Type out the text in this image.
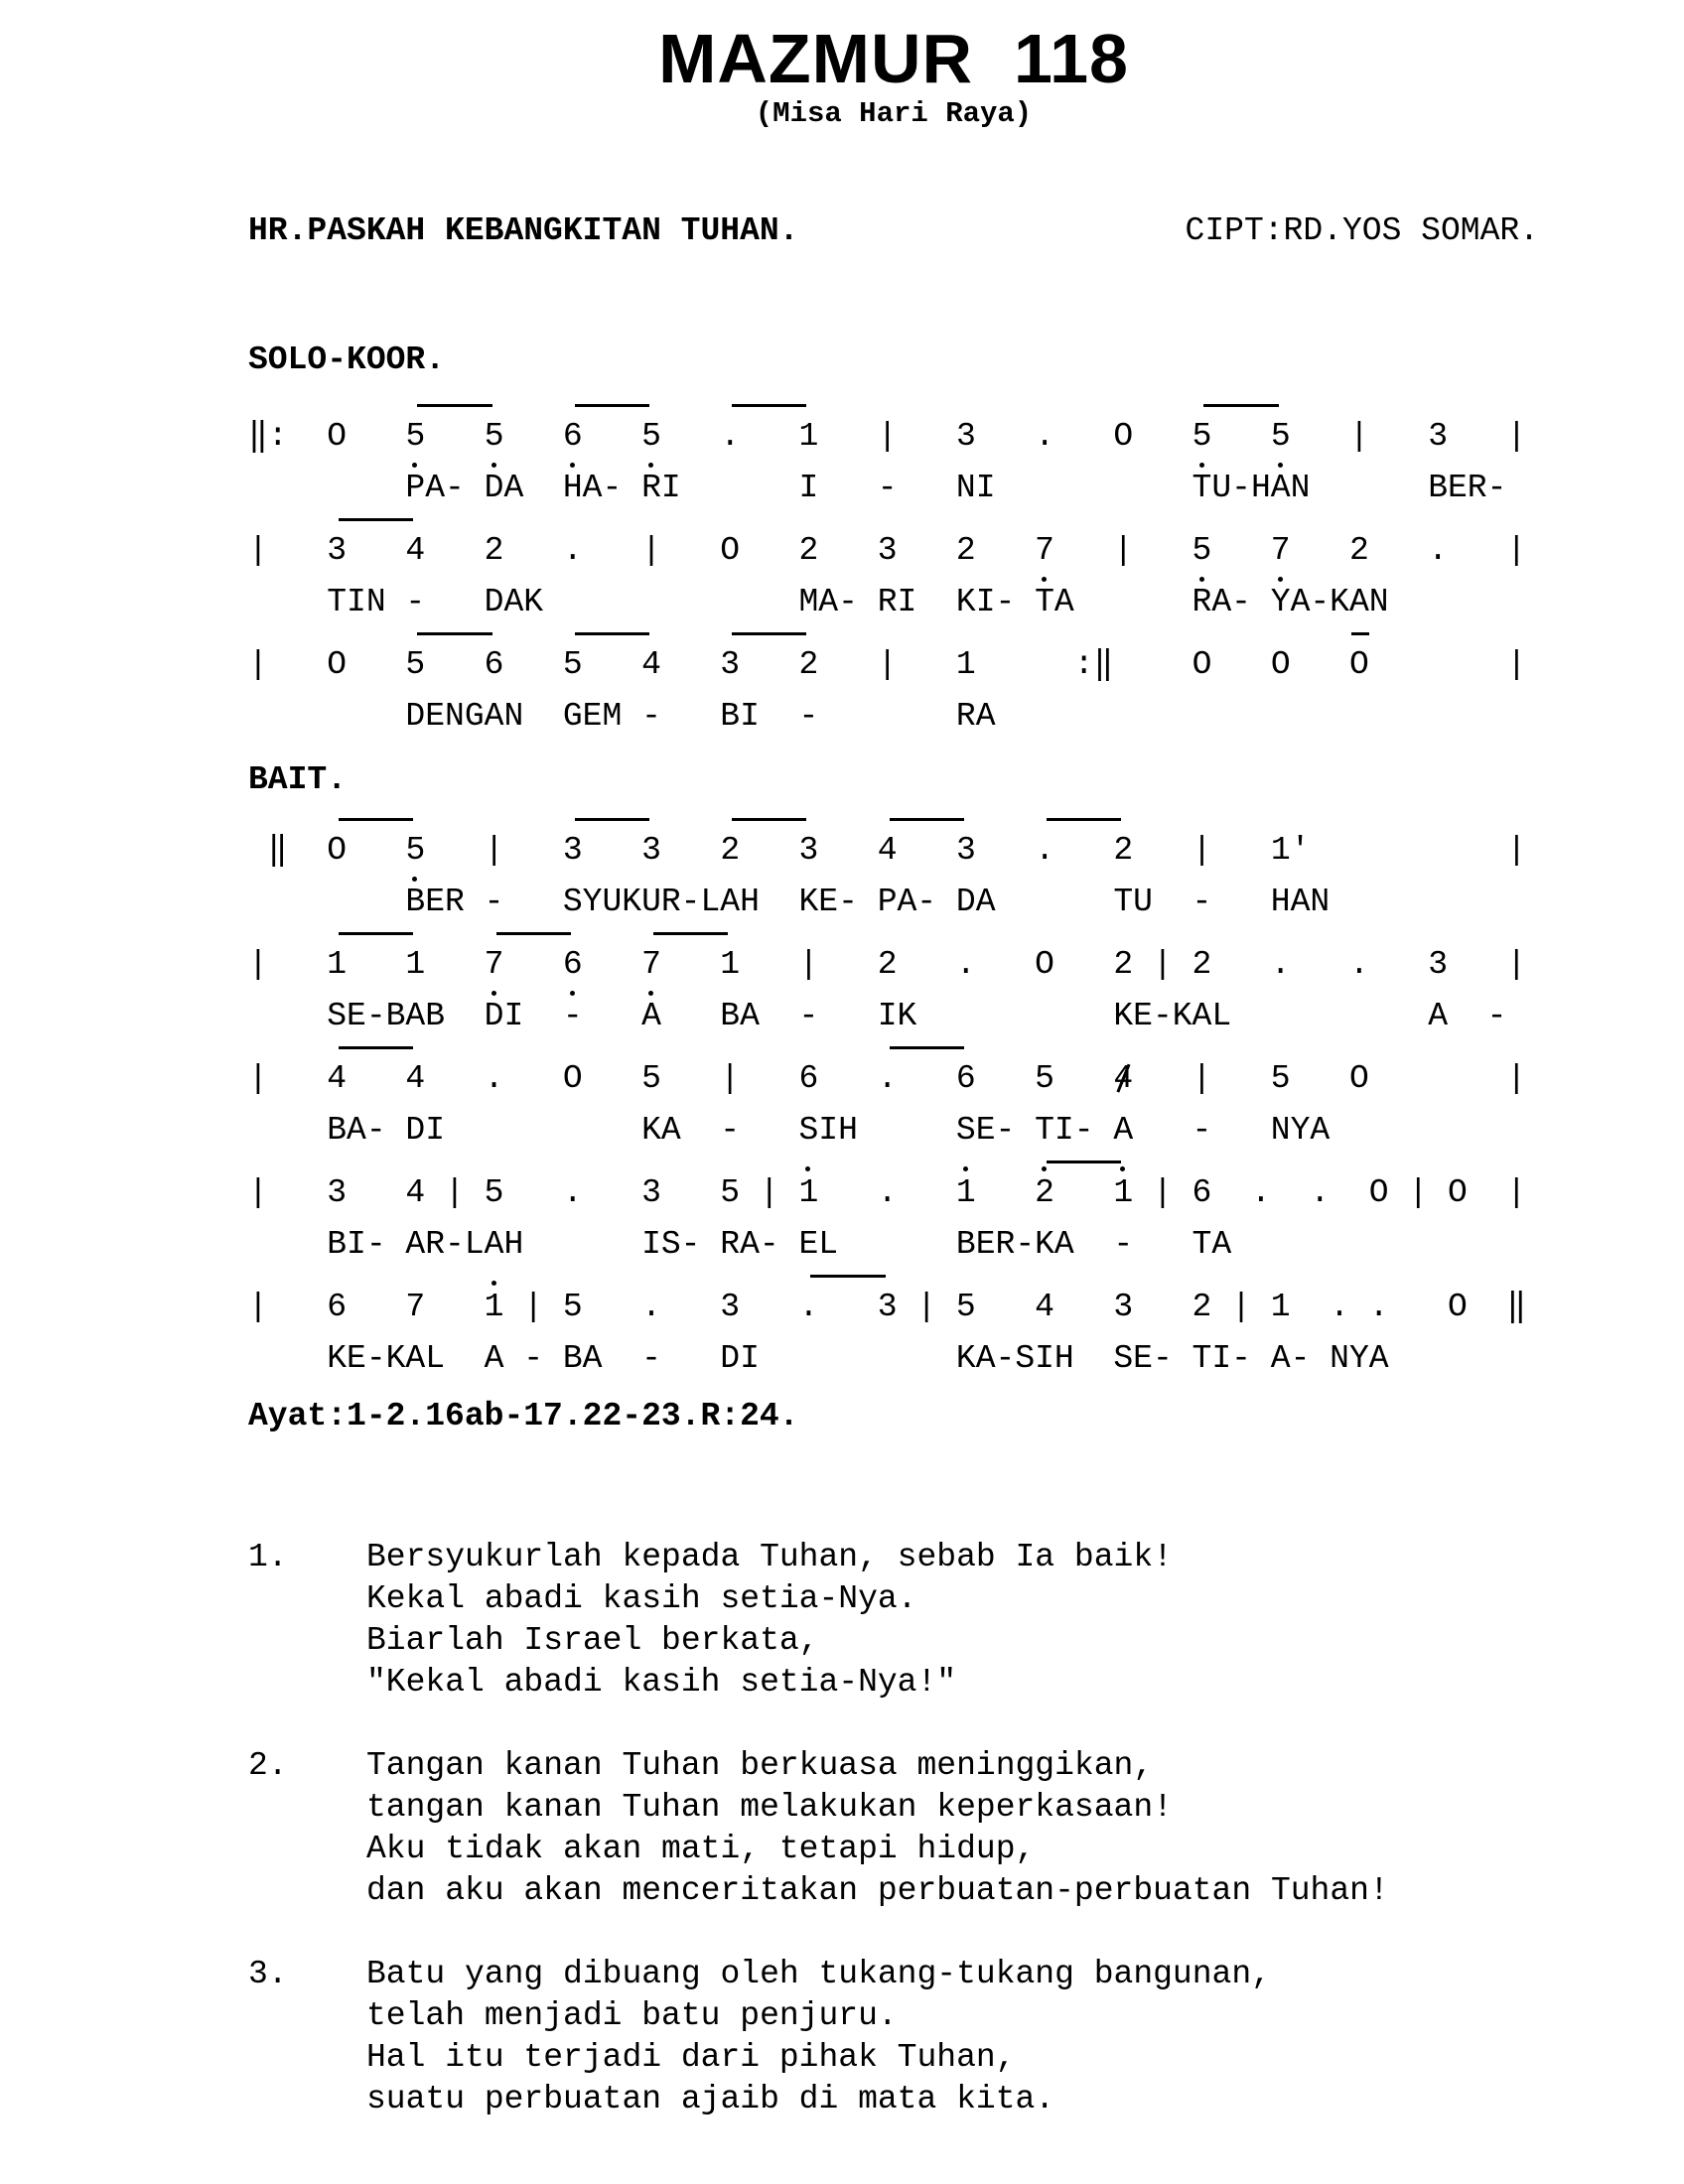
MAZMUR  118
(Misa Hari Raya)
HR.PASKAH KEBANGKITAN TUHAN.	CIPT:RD.YOS SOMAR.
SOLO-KOOR.
‖:  O   5   5   6   5   .   1   |   3   .   O   5   5   |   3   |
PA- DA  HA- RI      I   -   NI          TU-HAN      BER-
|   3   4   2   .   |   O   2   3   2   7   |   5   7   2   .   |
TIN -   DAK             MA- RI  KI- TA      RA- YA-KAN
|   O   5   6   5   4   3   2   |   1     :‖    O   O   O       |
DENGAN  GEM -   BI  -       RA
BAIT.
‖  O   5   |   3   3   2   3   4   3   .   2   |   1'          |
BER -   SYUKUR-LAH  KE- PA- DA      TU  -   HAN
|   1   1   7   6   7   1   |   2   .   O   2 | 2   .   .   3   |
SE-BAB  DI  -   A   BA  -   IK          KE-KAL          A  -
|   4   4   .   O   5   |   6   .   6   5   4   |   5   O       |
BA- DI          KA  -   SIH     SE- TI- A   -   NYA
|   3   4 | 5   .   3   5 | 1   .   1   2   1 | 6  .  .  O | O  |
BI- AR-LAH      IS- RA- EL      BER-KA  -   TA
|   6   7   1 | 5   .   3   .   3 | 5   4   3   2 | 1  . .   O  ‖
KE-KAL  A - BA  -   DI          KA-SIH  SE- TI- A- NYA
Ayat:1-2.16ab-17.22-23.R:24.
1. Bersyukurlah kepada Tuhan, sebab Ia baik!
Kekal abadi kasih setia-Nya.
Biarlah Israel berkata,
"Kekal abadi kasih setia-Nya!"
2. Tangan kanan Tuhan berkuasa meninggikan,
tangan kanan Tuhan melakukan keperkasaan!
Aku tidak akan mati, tetapi hidup,
dan aku akan menceritakan perbuatan-perbuatan Tuhan!
3. Batu yang dibuang oleh tukang-tukang bangunan,
telah menjadi batu penjuru.
Hal itu terjadi dari pihak Tuhan,
suatu perbuatan ajaib di mata kita.
